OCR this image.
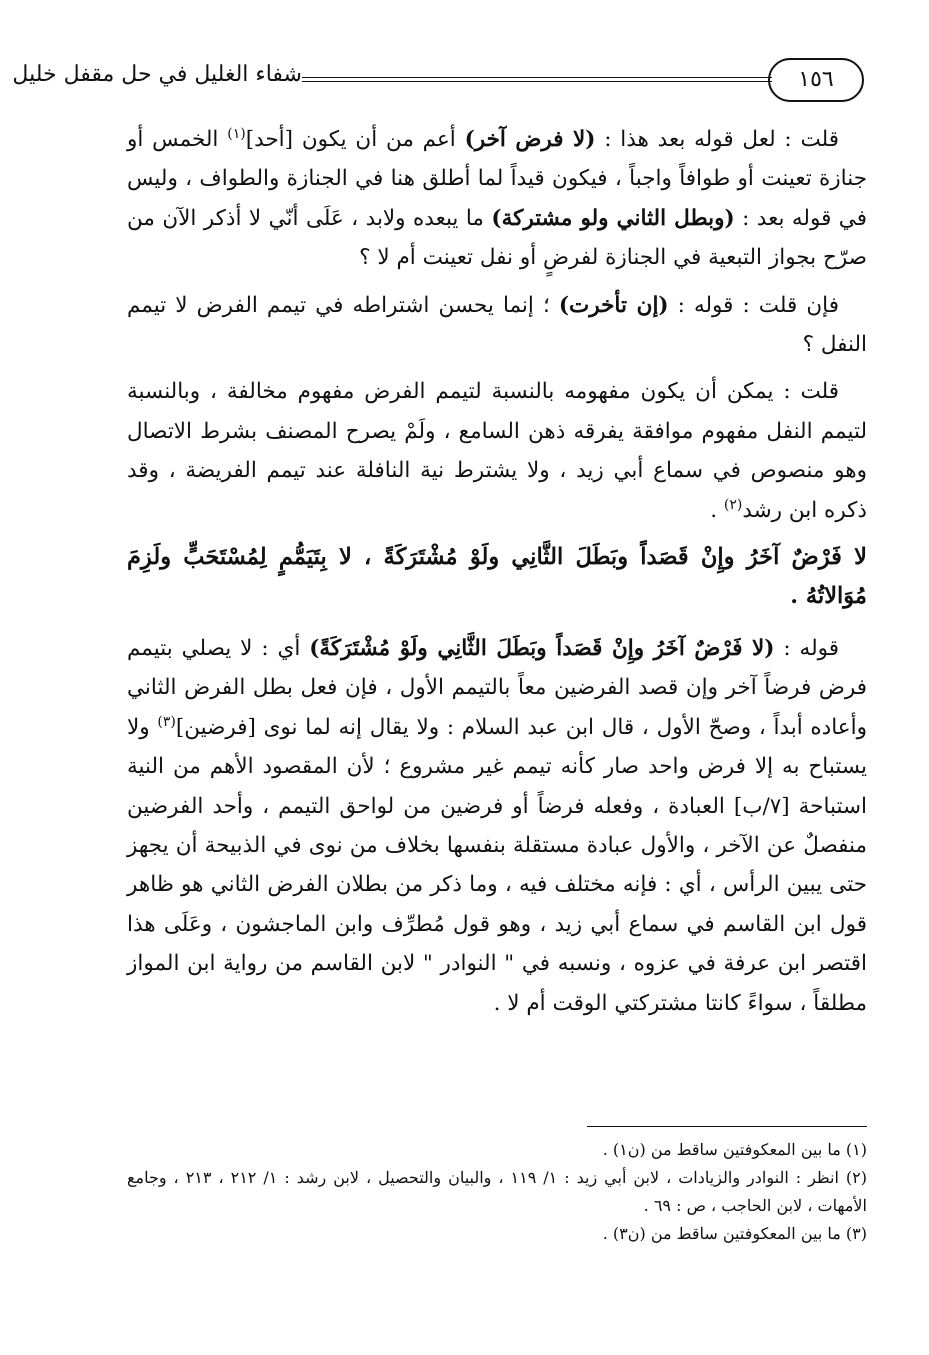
١٥٦
شفاء الغليل في حل مقفل خليل

قلت : لعل قوله بعد هذا : (لا فرض آخر) أعم من أن يكون [أحد]$^{(١)}$ الخمس أو جنازة تعينت أو طوافاً واجباً ، فيكون قيداً لما أطلق هنا في الجنازة والطواف ، وليس في قوله بعد : (وبطل الثاني ولو مشتركة) ما يبعده ولابد ، عَلَى أنّي لا أذكر الآن من صرّح بجواز التبعية في الجنازة لفرضٍ أو نفل تعينت أم لا ؟

فإن قلت : قوله : (إن تأخرت) ؛ إنما يحسن اشتراطه في تيمم الفرض لا تيمم النفل ؟

قلت : يمكن أن يكون مفهومه بالنسبة لتيمم الفرض مفهوم مخالفة ، وبالنسبة لتيمم النفل مفهوم موافقة يفرقه ذهن السامع ، ولَمْ يصرح المصنف بشرط الاتصال وهو منصوص في سماع أبي زيد ، ولا يشترط نية النافلة عند تيمم الفريضة ، وقد ذكره ابن رشد$^{(٢)}$ .

لا فَرْضٌ آخَرُ وإِنْ قَصَداً وبَطَلَ الثَّانِي ولَوْ مُشْتَرَكَةً ، لا بِتَيَمُّمٍ لِمُسْتَحَبٍّ ولَزِمَ مُوَالاتُهُ .

قوله : (لا فَرْضٌ آخَرُ وإِنْ قَصَداً وبَطَلَ الثَّانِي ولَوْ مُشْتَرَكَةً) أي : لا يصلي بتيمم فرض فرضاً آخر وإن قصد الفرضين معاً بالتيمم الأول ، فإن فعل بطل الفرض الثاني وأعاده أبداً ، وصحّ الأول ، قال ابن عبد السلام : ولا يقال إنه لما نوى [فرضين]$^{(٣)}$ ولا يستباح به إلا فرض واحد صار كأنه تيمم غير مشروع ؛ لأن المقصود الأهم من النية استباحة [٧/ب] العبادة ، وفعله فرضاً أو فرضين من لواحق التيمم ، وأحد الفرضين منفصلٌ عن الآخر ، والأول عبادة مستقلة بنفسها بخلاف من نوى في الذبيحة أن يجهز حتى يبين الرأس ، أي : فإنه مختلف فيه ، وما ذكر من بطلان الفرض الثاني هو ظاهر قول ابن القاسم في سماع أبي زيد ، وهو قول مُطرِّف وابن الماجشون ، وعَلَى هذا اقتصر ابن عرفة في عزوه ، ونسبه في " النوادر " لابن القاسم من رواية ابن المواز مطلقاً ، سواءً كانتا مشتركتي الوقت أم لا .

(١) ما بين المعكوفتين ساقط من (ن١) .

(٢) انظر : النوادر والزيادات ، لابن أبي زيد : ١/ ١١٩ ، والبيان والتحصيل ، لابن رشد : ١/ ٢١٢ ، ٢١٣ ، وجامع الأمهات ، لابن الحاجب ، ص : ٦٩ .

(٣) ما بين المعكوفتين ساقط من (ن٣) .
